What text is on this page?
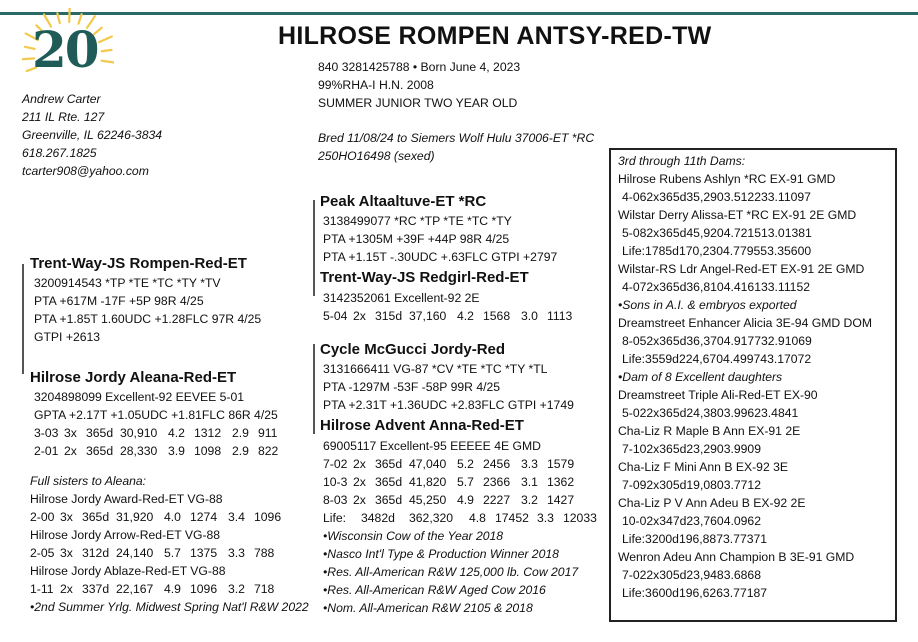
20	HILROSE ROMPEN ANTSY-RED-TW
840 3281425788 • Born June 4, 2023
99%RHA-I H.N. 2008
SUMMER JUNIOR TWO YEAR OLD
Bred 11/08/24 to Siemers Wolf Hulu 37006-ET *RC
250HO16498 (sexed)
Andrew Carter
211 IL Rte. 127
Greenville, IL 62246-3834
618.267.1825
tcarter908@yahoo.com
Trent-Way-JS Rompen-Red-ET
3200914543 *TP *TE *TC *TY *TV
PTA +617M -17F +5P 98R 4/25
PTA +1.85T 1.60UDC +1.28FLC 97R 4/25
GTPI +2613
Hilrose Jordy Aleana-Red-ET
3204898099 Excellent-92 EEVEE 5-01
GPTA +2.17T +1.05UDC +1.81FLC 86R 4/25
3-03 3x 365d 30,910 4.2 1312 2.9 911
2-01 2x 365d 28,330 3.9 1098 2.9 822
Full sisters to Aleana:
Hilrose Jordy Award-Red-ET VG-88
2-00 3x 365d 31,920 4.0 1274 3.4 1096
Hilrose Jordy Arrow-Red-ET VG-88
2-05 3x 312d 24,140 5.7 1375 3.3 788
Hilrose Jordy Ablaze-Red-ET VG-88
1-11 2x 337d 22,167 4.9 1096 3.2 718
•2nd Summer Yrlg. Midwest Spring Nat'l R&W 2022
Peak Altaaltuve-ET *RC
3138499077 *RC *TP *TE *TC *TY
PTA +1305M +39F +44P 98R 4/25
PTA +1.15T -.30UDC +.63FLC GTPI +2797
Trent-Way-JS Redgirl-Red-ET
3142352061 Excellent-92 2E
5-04 2x 315d 37,160 4.2 1568 3.0 1113
Cycle McGucci Jordy-Red
3131666411 VG-87 *CV *TE *TC *TY *TL
PTA -1297M -53F -58P 99R 4/25
PTA +2.31T +1.36UDC +2.83FLC GTPI +1749
Hilrose Advent Anna-Red-ET
69005117 Excellent-95 EEEEE 4E GMD
7-02 2x 365d 47,040 5.2 2456 3.3 1579
10-3 2x 365d 41,820 5.7 2366 3.1 1362
8-03 2x 365d 45,250 4.9 2227 3.2 1427
Life: 3482d 362,320 4.8 17452 3.3 12033
•Wisconsin Cow of the Year 2018
•Nasco Int'l Type & Production Winner 2018
•Res. All-American R&W 125,000 lb. Cow 2017
•Res. All-American R&W Aged Cow 2016
•Nom. All-American R&W 2105 & 2018
3rd through 11th Dams:
Hilrose Rubens Ashlyn *RC EX-91 GMD
4-062x365d35,2903.512233.11097
Wilstar Derry Alissa-ET *RC EX-91 2E GMD
5-082x365d45,9204.721513.01381
Life:1785d170,2304.779553.35600
Wilstar-RS Ldr Angel-Red-ET EX-91 2E GMD
4-072x365d36,8104.416133.11152
•Sons in A.I. & embryos exported
Dreamstreet Enhancer Alicia 3E-94 GMD DOM
8-052x365d36,3704.917732.91069
Life:3559d224,6704.499743.17072
•Dam of 8 Excellent daughters
Dreamstreet Triple Ali-Red-ET EX-90
5-022x365d24,3803.99623.4841
Cha-Liz R Maple B Ann EX-91 2E
7-102x365d23,2903.9909
Cha-Liz F Mini Ann B EX-92 3E
7-092x305d19,0803.7712
Cha-Liz P V Ann Adeu B EX-92 2E
10-02x347d23,7604.0962
Life:3200d196,8873.77371
Wenron Adeu Ann Champion B 3E-91 GMD
7-022x305d23,9483.6868
Life:3600d196,6263.77187
